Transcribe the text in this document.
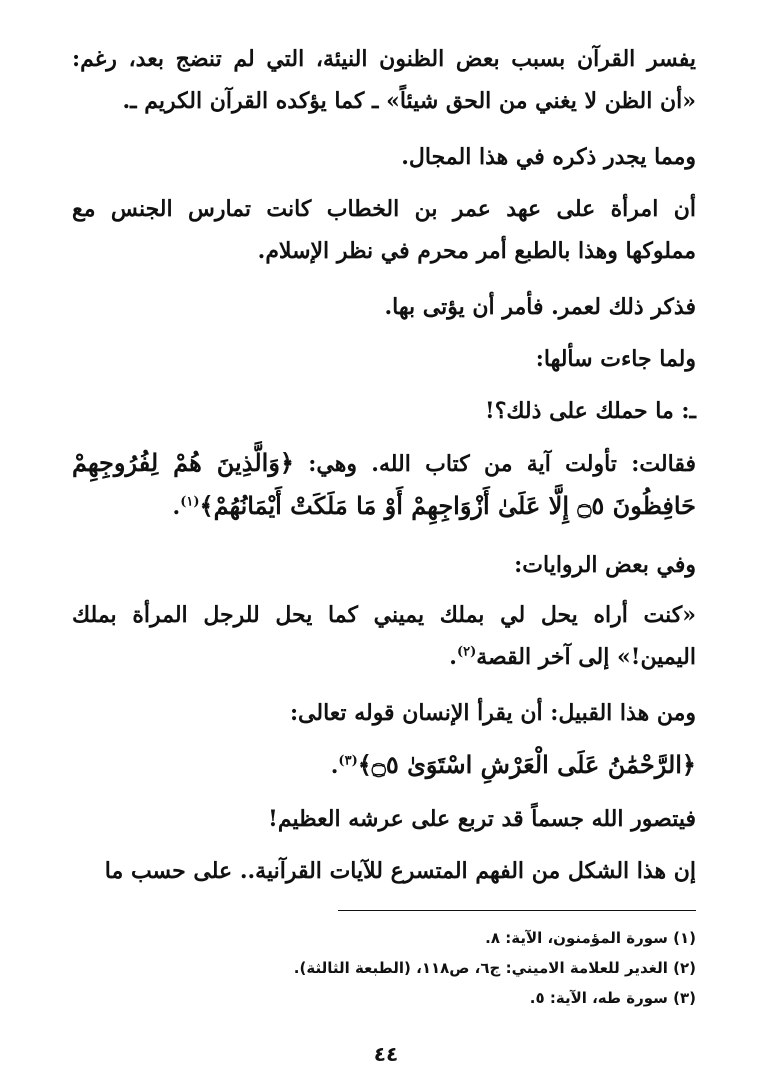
يفسر القرآن بسبب بعض الظنون النيئة، التي لم تنضج بعد، رغم: «أن الظن لا يغني من الحق شيئاً» ـ كما يؤكده القرآن الكريم ـ.

ومما يجدر ذكره في هذا المجال.

أن امرأة على عهد عمر بن الخطاب كانت تمارس الجنس مع مملوكها وهذا بالطبع أمر محرم في نظر الإسلام.

فذكر ذلك لعمر. فأمر أن يؤتى بها.

ولما جاءت سألها:

ـ: ما حملك على ذلك؟!

فقالت: تأولت آية من كتاب الله. وهي: ﴿وَالَّذِينَ هُمْ لِفُرُوجِهِمْ حَافِظُونَ ۝٥ إِلَّا عَلَىٰ أَزْوَاجِهِمْ أَوْ مَا مَلَكَتْ أَيْمَانُهُمْ﴾$^{(١)}$.

وفي بعض الروايات:

«كنت أراه يحل لي بملك يميني كما يحل للرجل المرأة بملك اليمين!» إلى آخر القصة$^{(٢)}$.

ومن هذا القبيل: أن يقرأ الإنسان قوله تعالى:

﴿الرَّحْمَٰنُ عَلَى الْعَرْشِ اسْتَوَىٰ ۝٥﴾$^{(٣)}$.

فيتصور الله جسماً قد تربع على عرشه العظيم!

إن هذا الشكل من الفهم المتسرع للآيات القرآنية.. على حسب ما

(١) سورة المؤمنون، الآية: ٨.

(٢) الغدير للعلامة الاميني: ج٦، ص١١٨، (الطبعة الثالثة).

(٣) سورة طه، الآية: ٥.

٤٤
